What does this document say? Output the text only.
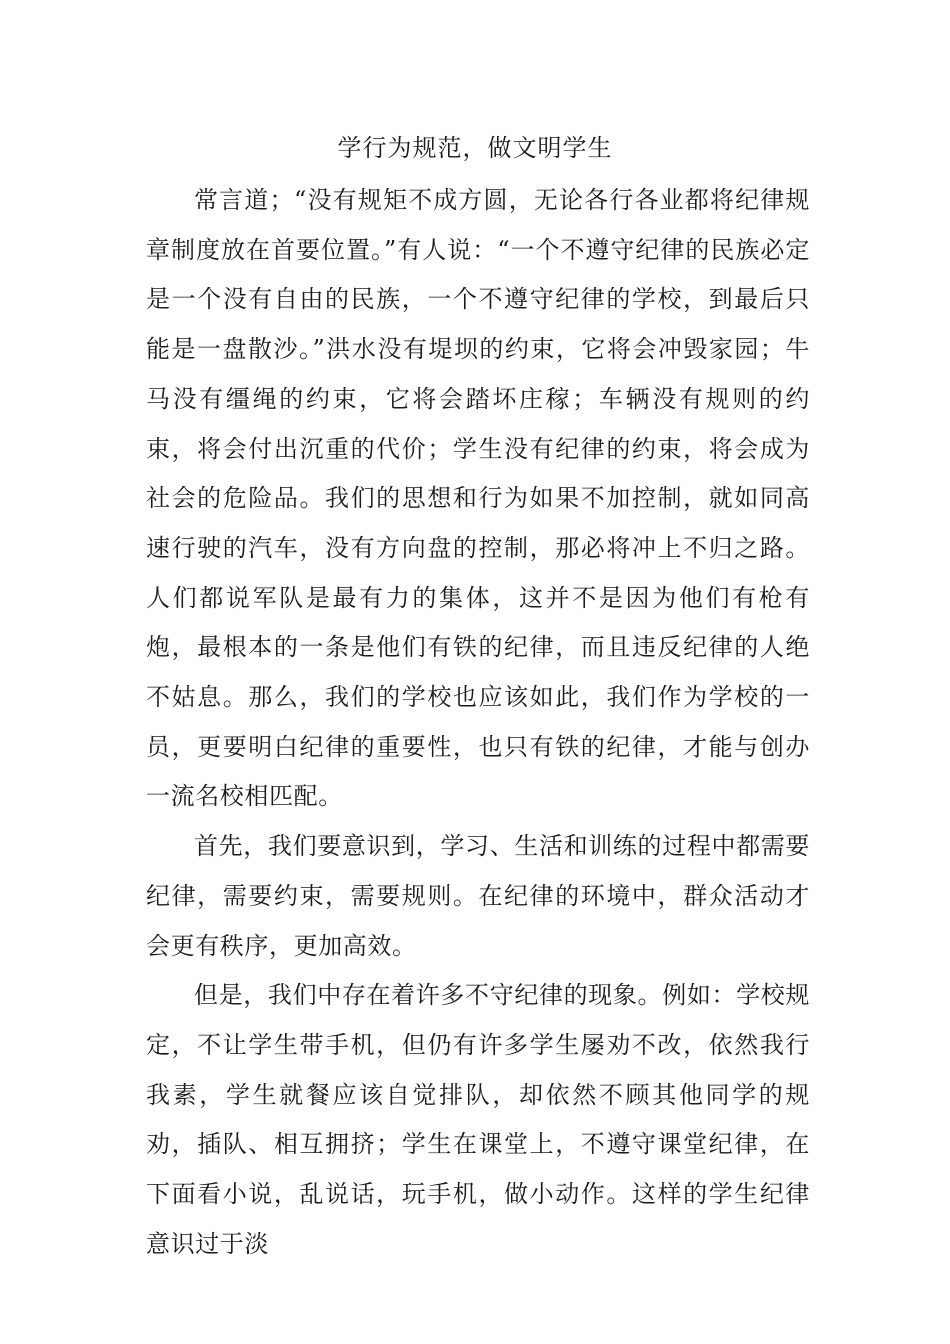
学行为规范，做文明学生

常言道；“没有规矩不成方圆，无论各行各业都将纪律规章制度放在首要位置。”有人说：“一个不遵守纪律的民族必定是一个没有自由的民族，一个不遵守纪律的学校，到最后只能是一盘散沙。”洪水没有堤坝的约束，它将会冲毁家园；牛马没有缰绳的约束，它将会踏坏庄稼；车辆没有规则的约束，将会付出沉重的代价；学生没有纪律的约束，将会成为社会的危险品。我们的思想和行为如果不加控制，就如同高速行驶的汽车，没有方向盘的控制，那必将冲上不归之路。人们都说军队是最有力的集体，这并不是因为他们有枪有炮，最根本的一条是他们有铁的纪律，而且违反纪律的人绝不姑息。那么，我们的学校也应该如此，我们作为学校的一员，更要明白纪律的重要性，也只有铁的纪律，才能与创办一流名校相匹配。

首先，我们要意识到，学习、生活和训练的过程中都需要纪律，需要约束，需要规则。在纪律的环境中，群众活动才会更有秩序，更加高效。

但是，我们中存在着许多不守纪律的现象。例如：学校规定，不让学生带手机，但仍有许多学生屡劝不改，依然我行我素，学生就餐应该自觉排队，却依然不顾其他同学的规劝，插队、相互拥挤；学生在课堂上，不遵守课堂纪律，在下面看小说，乱说话，玩手机，做小动作。这样的学生纪律意识过于淡
